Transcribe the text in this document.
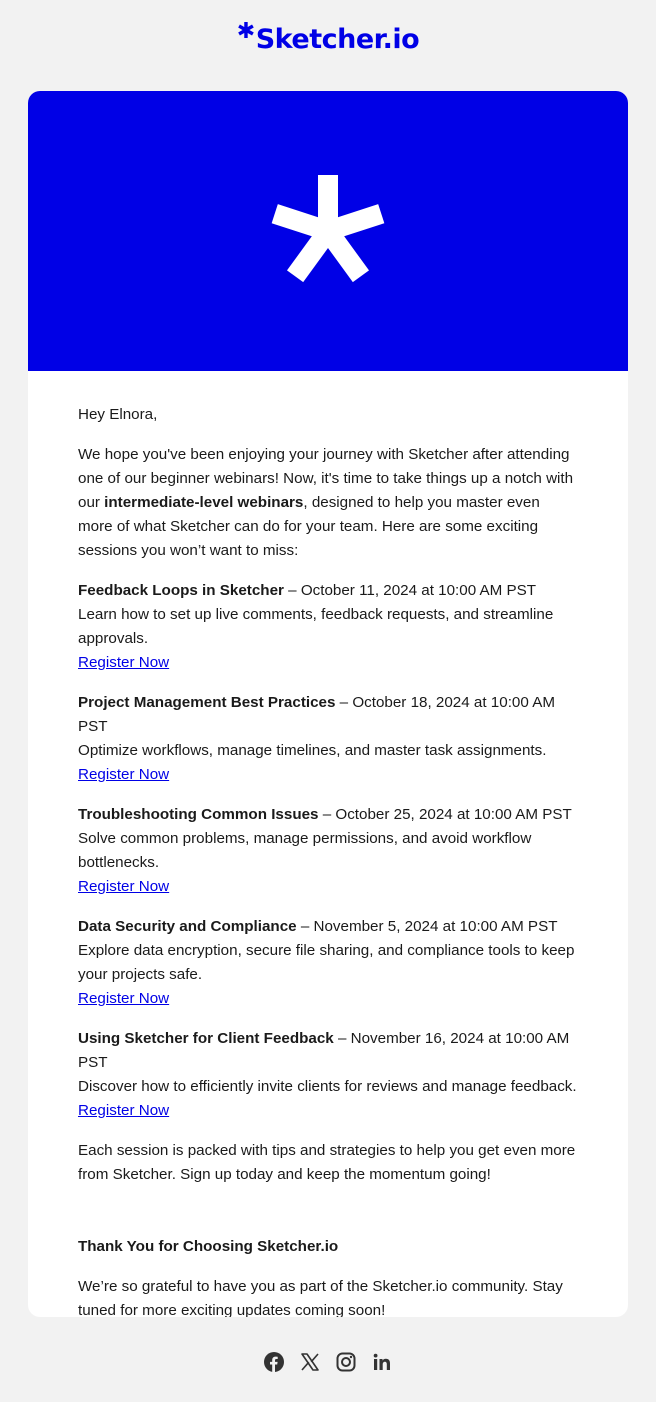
✱Sketcher.io

Hey Elnora,

We hope you've been enjoying your journey with Sketcher after attending one of our beginner webinars! Now, it's time to take things up a notch with our intermediate-level webinars, designed to help you master even more of what Sketcher can do for your team. Here are some exciting sessions you won’t want to miss:

Feedback Loops in Sketcher – October 11, 2024 at 10:00 AM PST
Learn how to set up live comments, feedback requests, and streamline approvals.
Register Now
Project Management Best Practices – October 18, 2024 at 10:00 AM PST
Optimize workflows, manage timelines, and master task assignments.
Register Now
Troubleshooting Common Issues – October 25, 2024 at 10:00 AM PST
Solve common problems, manage permissions, and avoid workflow bottlenecks.
Register Now
Data Security and Compliance – November 5, 2024 at 10:00 AM PST
Explore data encryption, secure file sharing, and compliance tools to keep your projects safe.
Register Now
Using Sketcher for Client Feedback – November 16, 2024 at 10:00 AM PST
Discover how to efficiently invite clients for reviews and manage feedback.
Register Now

Each session is packed with tips and strategies to help you get even more from Sketcher. Sign up today and keep the momentum going!

Thank You for Choosing Sketcher.io

We’re so grateful to have you as part of the Sketcher.io community. Stay tuned for more exciting updates coming soon!
